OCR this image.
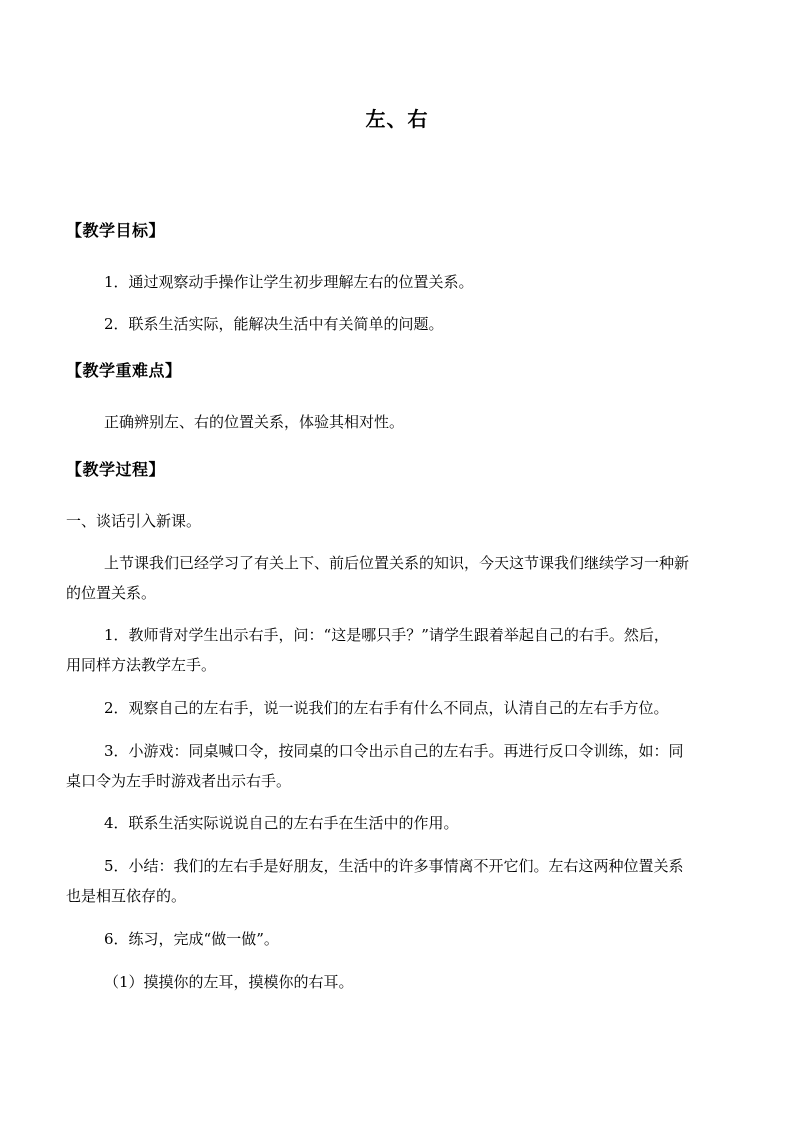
左、右
【教学目标】
1．通过观察动手操作让学生初步理解左右的位置关系。
2．联系生活实际，能解决生活中有关简单的问题。
【教学重难点】
正确辨别左、右的位置关系，体验其相对性。
【教学过程】
一、谈话引入新课。
上节课我们已经学习了有关上下、前后位置关系的知识，今天这节课我们继续学习一种新
的位置关系。
1．教师背对学生出示右手，问：“这是哪只手？”请学生跟着举起自己的右手。然后，
用同样方法教学左手。
2．观察自己的左右手，说一说我们的左右手有什么不同点，认清自己的左右手方位。
3．小游戏：同桌喊口令，按同桌的口令出示自己的左右手。再进行反口令训练，如：同
桌口令为左手时游戏者出示右手。
4．联系生活实际说说自己的左右手在生活中的作用。
5．小结：我们的左右手是好朋友，生活中的许多事情离不开它们。左右这两种位置关系
也是相互依存的。
6．练习，完成“做一做”。
（1）摸摸你的左耳，摸模你的右耳。
